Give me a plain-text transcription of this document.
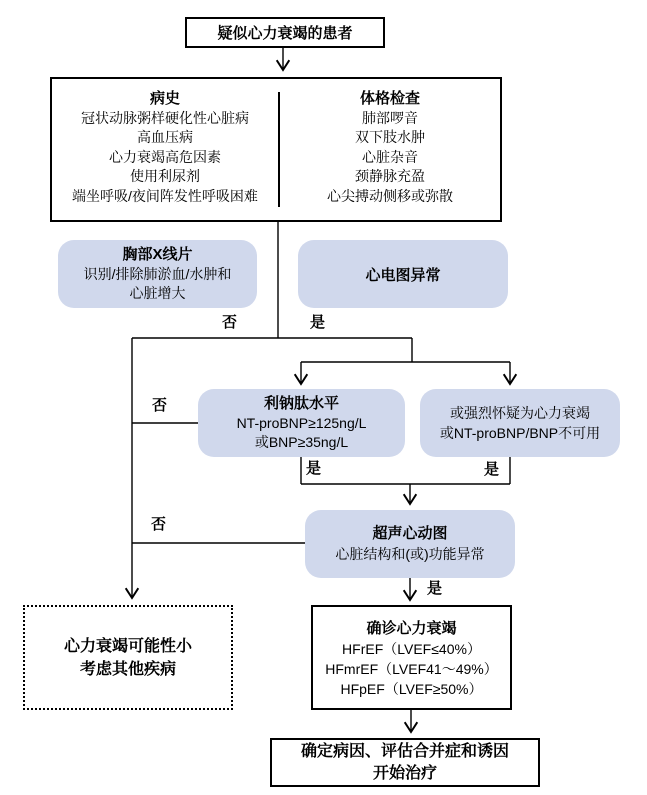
疑似心力衰竭的患者
病史
冠状动脉粥样硬化性心脏病
高血压病
心力衰竭高危因素
使用利尿剂
端坐呼吸/夜间阵发性呼吸困难
体格检查
肺部啰音
双下肢水肿
心脏杂音
颈静脉充盈
心尖搏动侧移或弥散
胸部X线片
识别/排除肺淤血/水肿和
心脏增大
心电图异常
利钠肽水平
NT-proBNP≥125ng/L
或BNP≥35ng/L
或强烈怀疑为心力衰竭
或NT-proBNP/BNP不可用
超声心动图
心脏结构和(或)功能异常
确诊心力衰竭
HFrEF（LVEF≤40%）
HFmrEF（LVEF41～49%）
HFpEF（LVEF≥50%）
心力衰竭可能性小
考虑其他疾病
确定病因、评估合并症和诱因
开始治疗
否	是
否
是	是
否
是
